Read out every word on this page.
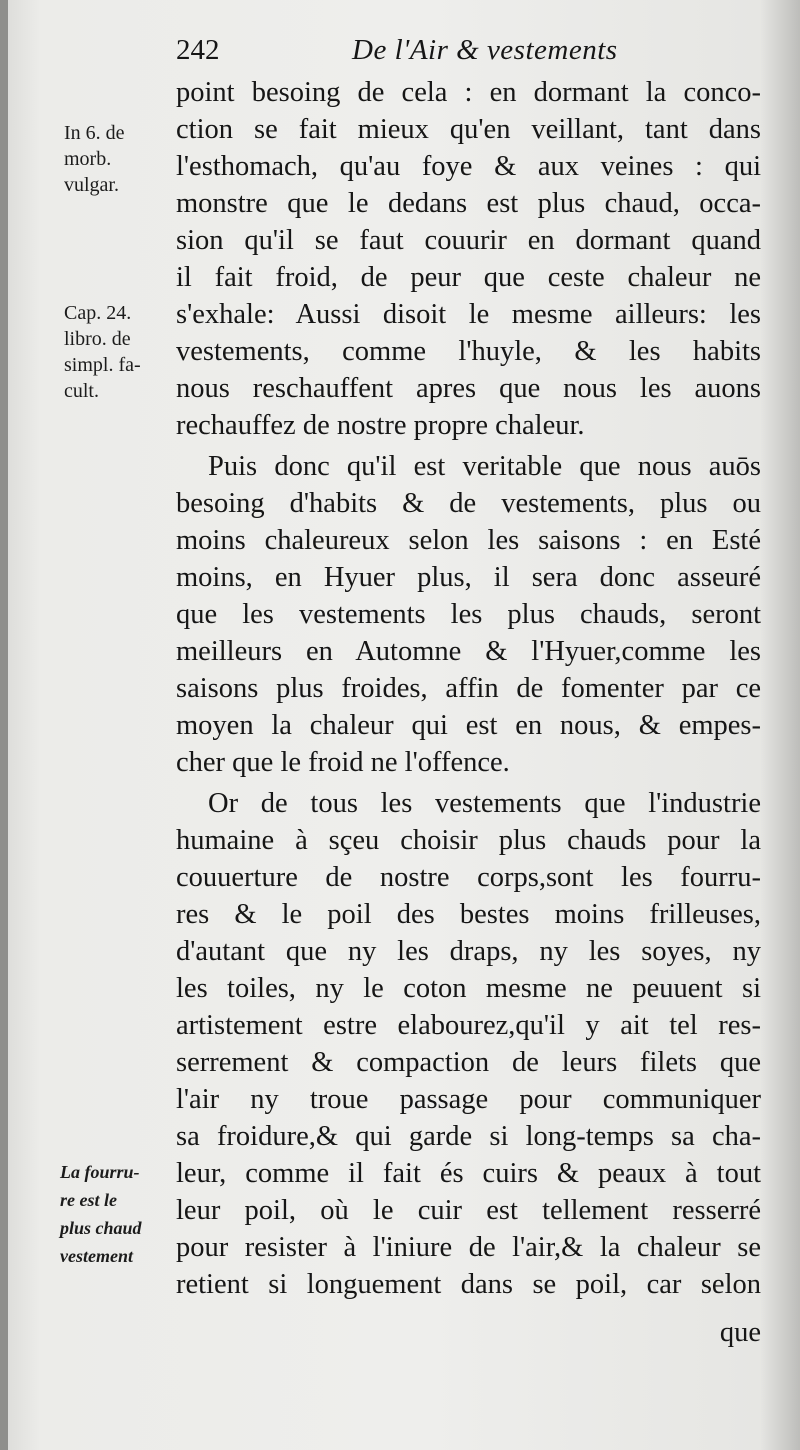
242	De l'Air & vestements
In 6. de
morb.
vulgar.
Cap. 24.
libro. de
simpl. fa-
cult.
La fourru-
re est le
plus chaud
vestement
point besoing de cela : en dormant la conco-
ction se fait mieux qu'en veillant, tant dans
l'esthomach, qu'au foye & aux veines : qui
monstre que le dedans est plus chaud, occa-
sion qu'il se faut couurir en dormant quand
il fait froid, de peur que ceste chaleur ne
s'exhale: Aussi disoit le mesme ailleurs: les
vestements, comme l'huyle, & les habits
nous reschauffent apres que nous les auons
rechauffez de nostre propre chaleur.
Puis donc qu'il est veritable que nous auōs
besoing d'habits & de vestements, plus ou
moins chaleureux selon les saisons : en Esté
moins, en Hyuer plus, il sera donc asseuré
que les vestements les plus chauds, seront
meilleurs en Automne & l'Hyuer,comme les
saisons plus froides, affin de fomenter par ce
moyen la chaleur qui est en nous, & empes-
cher que le froid ne l'offence.
Or de tous les vestements que l'industrie
humaine à sçeu choisir plus chauds pour la
couuerture de nostre corps,sont les fourru-
res & le poil des bestes moins frilleuses,
d'autant que ny les draps, ny les soyes, ny
les toiles, ny le coton mesme ne peuuent si
artistement estre elabourez,qu'il y ait tel res-
serrement & compaction de leurs filets que
l'air ny troue passage pour communiquer
sa froidure,& qui garde si long-temps sa cha-
leur, comme il fait és cuirs & peaux à tout
leur poil, où le cuir est tellement resserré
pour resister à l'iniure de l'air,& la chaleur se
retient si longuement dans se poil, car selon
que
